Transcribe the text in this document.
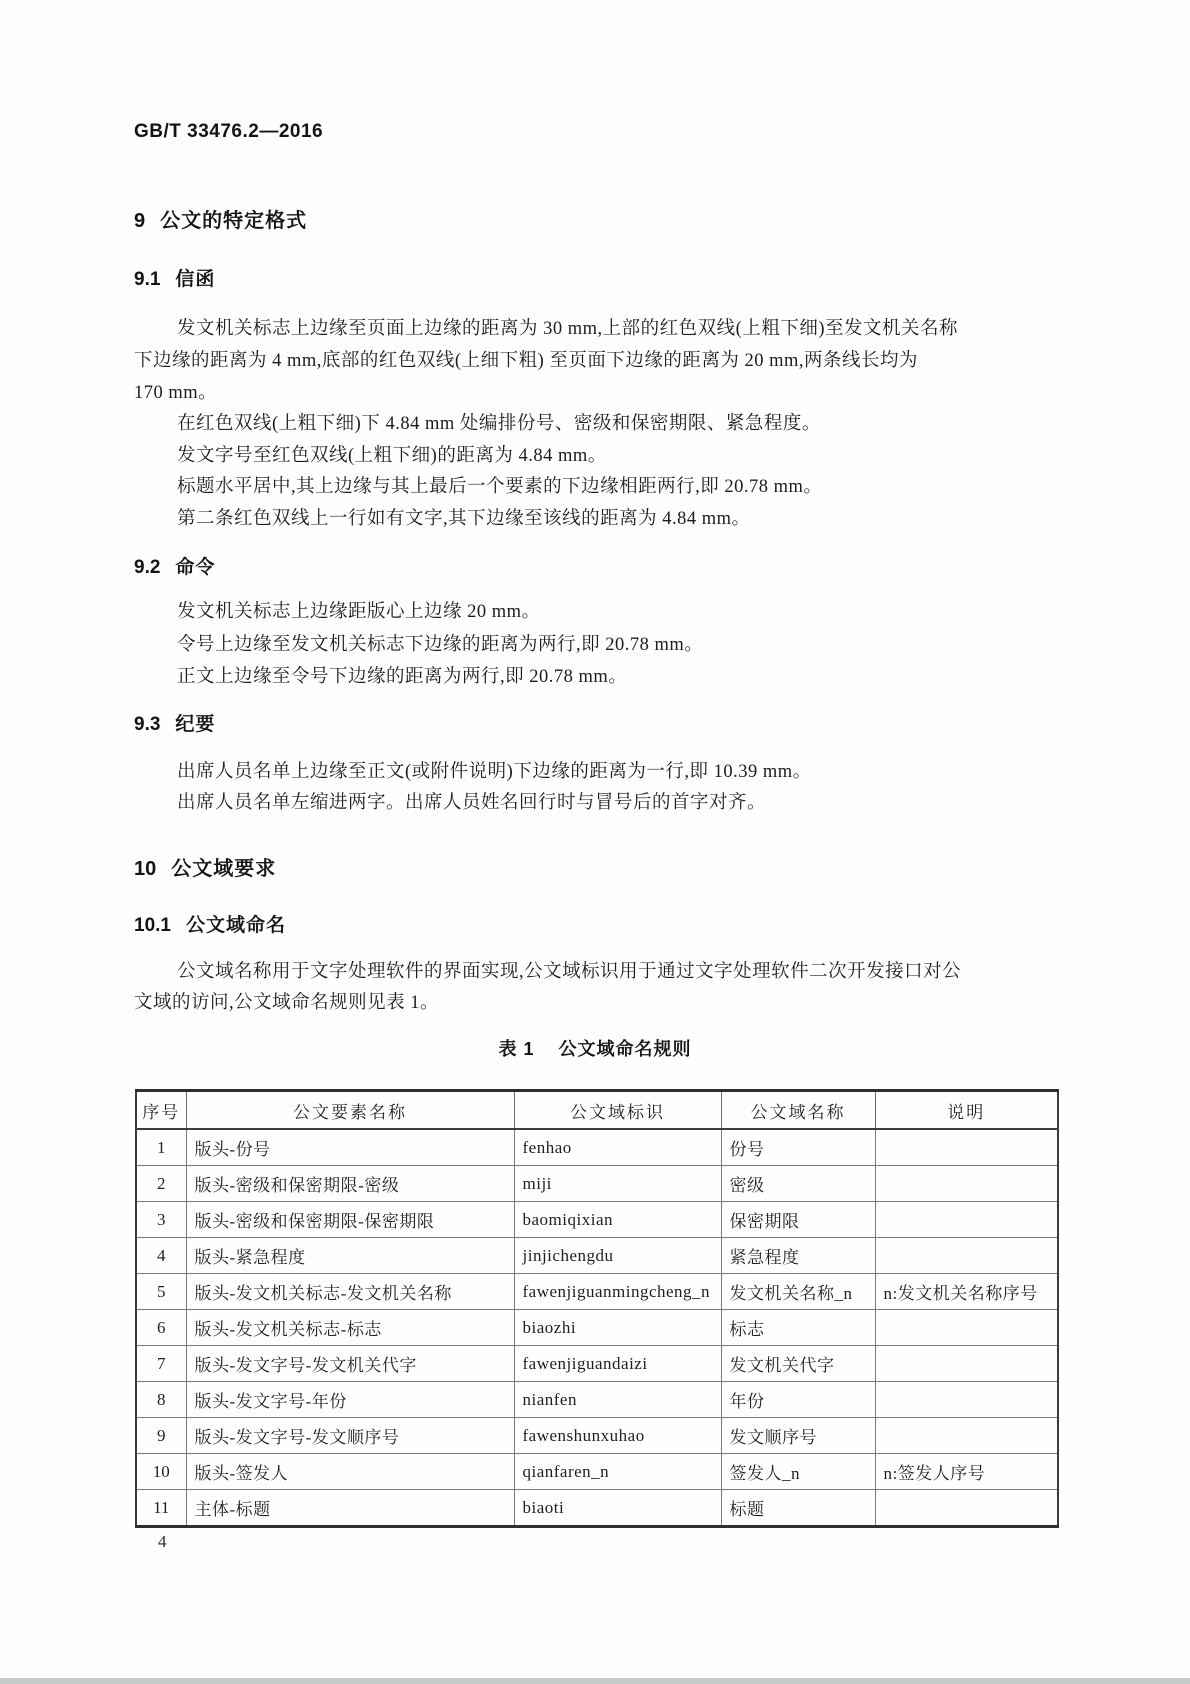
GB/T 33476.2—2016
9 公文的特定格式
9.1 信函
发文机关标志上边缘至页面上边缘的距离为 30 mm,上部的红色双线(上粗下细)至发文机关名称
下边缘的距离为 4 mm,底部的红色双线(上细下粗) 至页面下边缘的距离为 20 mm,两条线长均为
170 mm。
在红色双线(上粗下细)下 4.84 mm 处编排份号、密级和保密期限、紧急程度。
发文字号至红色双线(上粗下细)的距离为 4.84 mm。
标题水平居中,其上边缘与其上最后一个要素的下边缘相距两行,即 20.78 mm。
第二条红色双线上一行如有文字,其下边缘至该线的距离为 4.84 mm。
9.2 命令
发文机关标志上边缘距版心上边缘 20 mm。
令号上边缘至发文机关标志下边缘的距离为两行,即 20.78 mm。
正文上边缘至令号下边缘的距离为两行,即 20.78 mm。
9.3 纪要
出席人员名单上边缘至正文(或附件说明)下边缘的距离为一行,即 10.39 mm。
出席人员名单左缩进两字。出席人员姓名回行时与冒号后的首字对齐。
10 公文域要求
10.1 公文域命名
公文域名称用于文字处理软件的界面实现,公文域标识用于通过文字处理软件二次开发接口对公
文域的访问,公文域命名规则见表 1。
表 1 公文域命名规则
序号	公文要素名称	公文域标识	公文域名称	说明
1	版头-份号	fenhao	份号	
2	版头-密级和保密期限-密级	miji	密级	
3	版头-密级和保密期限-保密期限	baomiqixian	保密期限	
4	版头-紧急程度	jinjichengdu	紧急程度	
5	版头-发文机关标志-发文机关名称	fawenjiguanmingcheng_n	发文机关名称_n	n:发文机关名称序号
6	版头-发文机关标志-标志	biaozhi	标志	
7	版头-发文字号-发文机关代字	fawenjiguandaizi	发文机关代字	
8	版头-发文字号-年份	nianfen	年份	
9	版头-发文字号-发文顺序号	fawenshunxuhao	发文顺序号	
10	版头-签发人	qianfaren_n	签发人_n	n:签发人序号
11	主体-标题	biaoti	标题	
4
